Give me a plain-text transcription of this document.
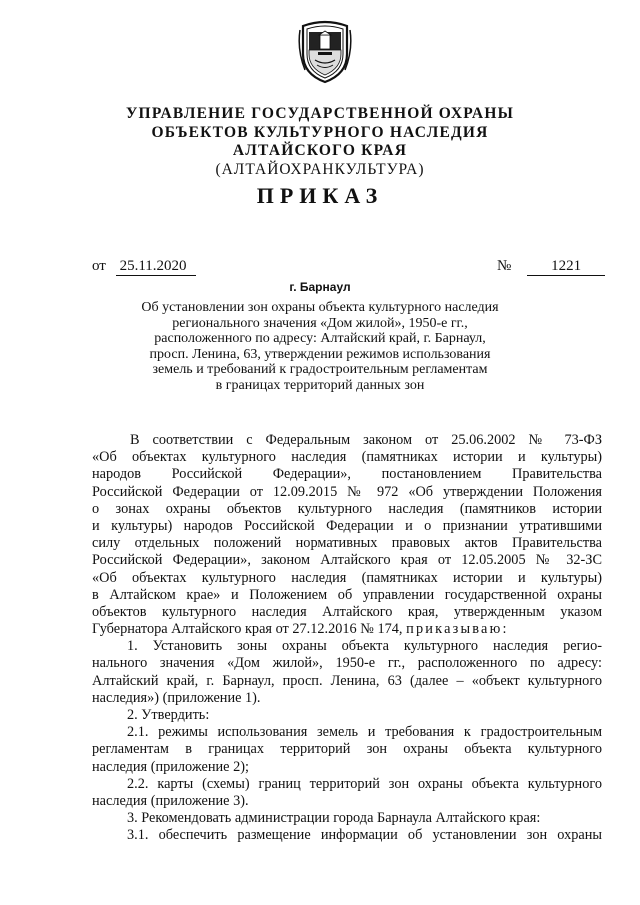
УПРАВЛЕНИЕ ГОСУДАРСТВЕННОЙ ОХРАНЫ
ОБЪЕКТОВ КУЛЬТУРНОГО НАСЛЕДИЯ
АЛТАЙСКОГО КРАЯ
(АЛТАЙОХРАНКУЛЬТУРА)
ПРИКАЗ
от 25.11.2020	№	1221
г. Барнаул
Об установлении зон охраны объекта культурного наследия
регионального значения «Дом жилой», 1950-е гг.,
расположенного по адресу: Алтайский край, г. Барнаул,
просп. Ленина, 63, утверждении режимов использования
земель и требований к градостроительным регламентам
в границах территорий данных зон
В соответствии с Федеральным законом от 25.06.2002 № 73-ФЗ
«Об объектах культурного наследия (памятниках истории и культуры)
народов Российской Федерации», постановлением Правительства
Российской Федерации от 12.09.2015 № 972 «Об утверждении Положения
о зонах охраны объектов культурного наследия (памятников истории
и культуры) народов Российской Федерации и о признании утратившими
силу отдельных положений нормативных правовых актов Правительства
Российской Федерации», законом Алтайского края от 12.05.2005 № 32-ЗС
«Об объектах культурного наследия (памятниках истории и культуры)
в Алтайском крае» и Положением об управлении государственной охраны
объектов культурного наследия Алтайского края, утвержденным указом
Губернатора Алтайского края от 27.12.2016 № 174, приказываю:
1. Установить зоны охраны объекта культурного наследия регио-
нального значения «Дом жилой», 1950-е гг., расположенного по адресу:
Алтайский край, г. Барнаул, просп. Ленина, 63 (далее – «объект культурного
наследия») (приложение 1).
2. Утвердить:
2.1. режимы использования земель и требования к градостроительным
регламентам в границах территорий зон охраны объекта культурного
наследия (приложение 2);
2.2. карты (схемы) границ территорий зон охраны объекта культурного
наследия (приложение 3).
3. Рекомендовать администрации города Барнаула Алтайского края:
3.1. обеспечить размещение информации об установлении зон охраны
